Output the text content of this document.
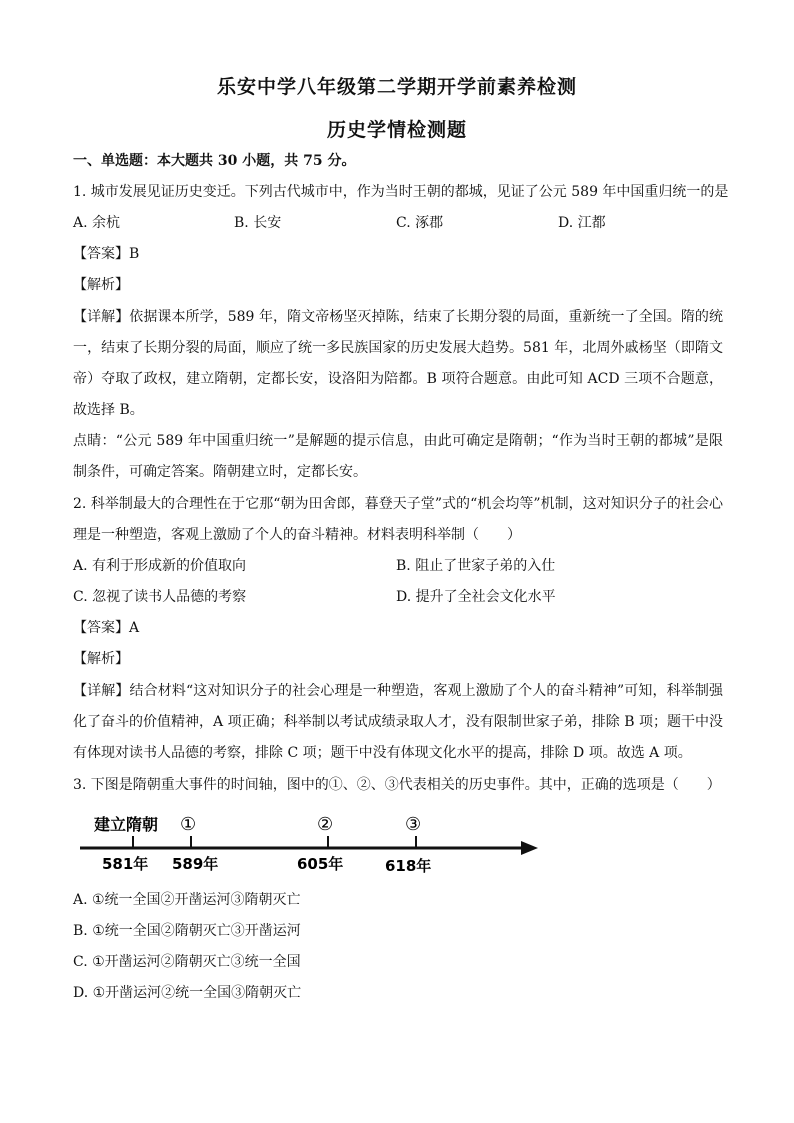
乐安中学八年级第二学期开学前素养检测
历史学情检测题
一、单选题：本大题共 30 小题，共 75 分。
1. 城市发展见证历史变迁。下列古代城市中，作为当时王朝的都城，见证了公元 589 年中国重归统一的是
A. 余杭	B. 长安	C. 涿郡	D. 江都
【答案】B
【解析】
【详解】依据课本所学，589 年，隋文帝杨坚灭掉陈，结束了长期分裂的局面，重新统一了全国。隋的统一，结束了长期分裂的局面，顺应了统一多民族国家的历史发展大趋势。581 年，北周外戚杨坚（即隋文帝）夺取了政权，建立隋朝，定都长安，设洛阳为陪都。B 项符合题意。由此可知 ACD 三项不合题意，故选择 B。
点睛：“公元 589 年中国重归统一”是解题的提示信息，由此可确定是隋朝；“作为当时王朝的都城”是限制条件，可确定答案。隋朝建立时，定都长安。
2. 科举制最大的合理性在于它那“朝为田舍郎，暮登天子堂”式的“机会均等”机制，这对知识分子的社会心理是一种塑造，客观上激励了个人的奋斗精神。材料表明科举制（　　）
A. 有利于形成新的价值取向	B. 阻止了世家子弟的入仕
C. 忽视了读书人品德的考察	D. 提升了全社会文化水平
【答案】A
【解析】
【详解】结合材料“这对知识分子的社会心理是一种塑造，客观上激励了个人的奋斗精神”可知，科举制强化了奋斗的价值精神，A 项正确；科举制以考试成绩录取人才，没有限制世家子弟，排除 B 项；题干中没有体现对读书人品德的考察，排除 C 项；题干中没有体现文化水平的提高，排除 D 项。故选 A 项。
3. 下图是隋朝重大事件的时间轴，图中的①、②、③代表相关的历史事件。其中，正确的选项是（　　）
建立隋朝 ①	②	③
581年 589年	605年	618年
A. ①统一全国②开凿运河③隋朝灭亡
B. ①统一全国②隋朝灭亡③开凿运河
C. ①开凿运河②隋朝灭亡③统一全国
D. ①开凿运河②统一全国③隋朝灭亡
